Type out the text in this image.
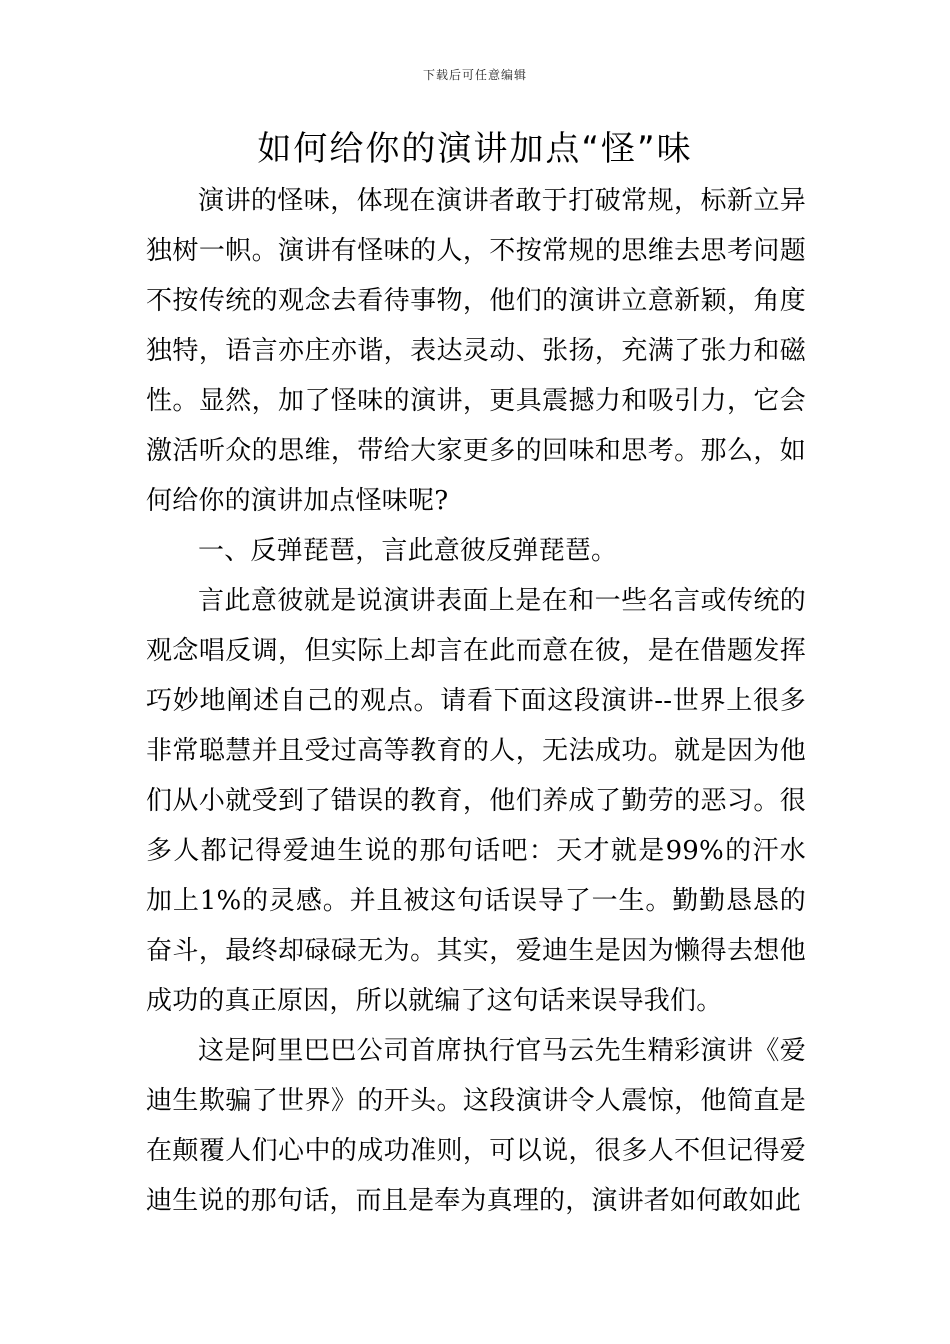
下载后可任意编辑
如何给你的演讲加点“怪”味

演讲的怪味，体现在演讲者敢于打破常规，标新立异独树一帜。演讲有怪味的人，不按常规的思维去思考问题不按传统的观念去看待事物，他们的演讲立意新颖，角度独特，语言亦庄亦谐，表达灵动、张扬，充满了张力和磁性。显然，加了怪味的演讲，更具震撼力和吸引力，它会激活听众的思维，带给大家更多的回味和思考。那么，如何给你的演讲加点怪味呢?

一、反弹琵琶，言此意彼反弹琵琶。

言此意彼就是说演讲表面上是在和一些名言或传统的观念唱反调，但实际上却言在此而意在彼，是在借题发挥巧妙地阐述自己的观点。请看下面这段演讲--世界上很多非常聪慧并且受过高等教育的人，无法成功。就是因为他们从小就受到了错误的教育，他们养成了勤劳的恶习。很多人都记得爱迪生说的那句话吧：天才就是99%的汗水加上1%的灵感。并且被这句话误导了一生。勤勤恳恳的奋斗，最终却碌碌无为。其实，爱迪生是因为懒得去想他成功的真正原因，所以就编了这句话来误导我们。

这是阿里巴巴公司首席执行官马云先生精彩演讲《爱迪生欺骗了世界》的开头。这段演讲令人震惊，他简直是在颠覆人们心中的成功准则，可以说，很多人不但记得爱迪生说的那句话，而且是奉为真理的，演讲者如何敢如此
